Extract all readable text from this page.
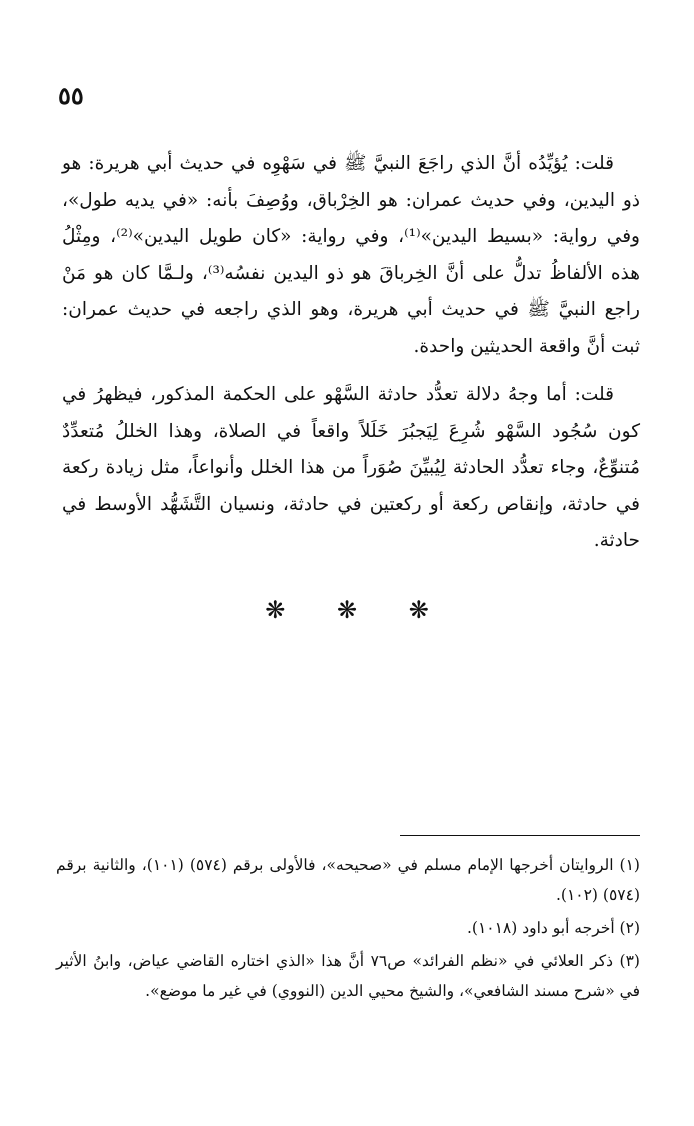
٥٥

قلت: يُؤيِّدُه أنَّ الذي راجَعَ النبيَّ ﷺ في سَهْوِه في حديث أبي هريرة: هو ذو اليدين، وفي حديث عمران: هو الخِرْباق، ووُصِفَ بأنه: «في يديه طول»، وفي رواية: «بسيط اليدين»⁽¹⁾، وفي رواية: «كان طويل اليدين»⁽²⁾، ومِثْلُ هذه الألفاظُ تدلُّ على أنَّ الخِرباقَ هو ذو اليدين نفسُه⁽³⁾، ولـمَّا كان هو مَنْ راجع النبيَّ ﷺ في حديث أبي هريرة، وهو الذي راجعه في حديث عمران: ثبت أنَّ واقعة الحديثين واحدة.

قلت: أما وجهُ دلالة تعدُّد حادثة السَّهْو على الحكمة المذكور، فيظهرُ في كون سُجُود السَّهْو شُرِعَ لِيَجبُرَ خَلَلاً واقعاً في الصلاة، وهذا الخللُ مُتعدِّدٌ مُتنوِّعٌ، وجاء تعدُّد الحادثة لِيُبيِّنَ صُوَراً من هذا الخلل وأنواعاً، مثل زيادة ركعة في حادثة، وإنقاص ركعة أو ركعتين في حادثة، ونسيان التَّشَهُّد الأوسط في حادثة.

❋ ❋ ❋

(١) الروايتان أخرجها الإمام مسلم في «صحيحه»، فالأولى برقم (٥٧٤) (١٠١)، والثانية برقم (٥٧٤) (١٠٢).

(٢) أخرجه أبو داود (١٠١٨).

(٣) ذكر العلائي في «نظم الفرائد» ص٧٦ أنَّ هذا «الذي اختاره القاضي عياض، وابنُ الأثير في «شرح مسند الشافعي»، والشيخ محيي الدين (النووي) في غير ما موضع».
